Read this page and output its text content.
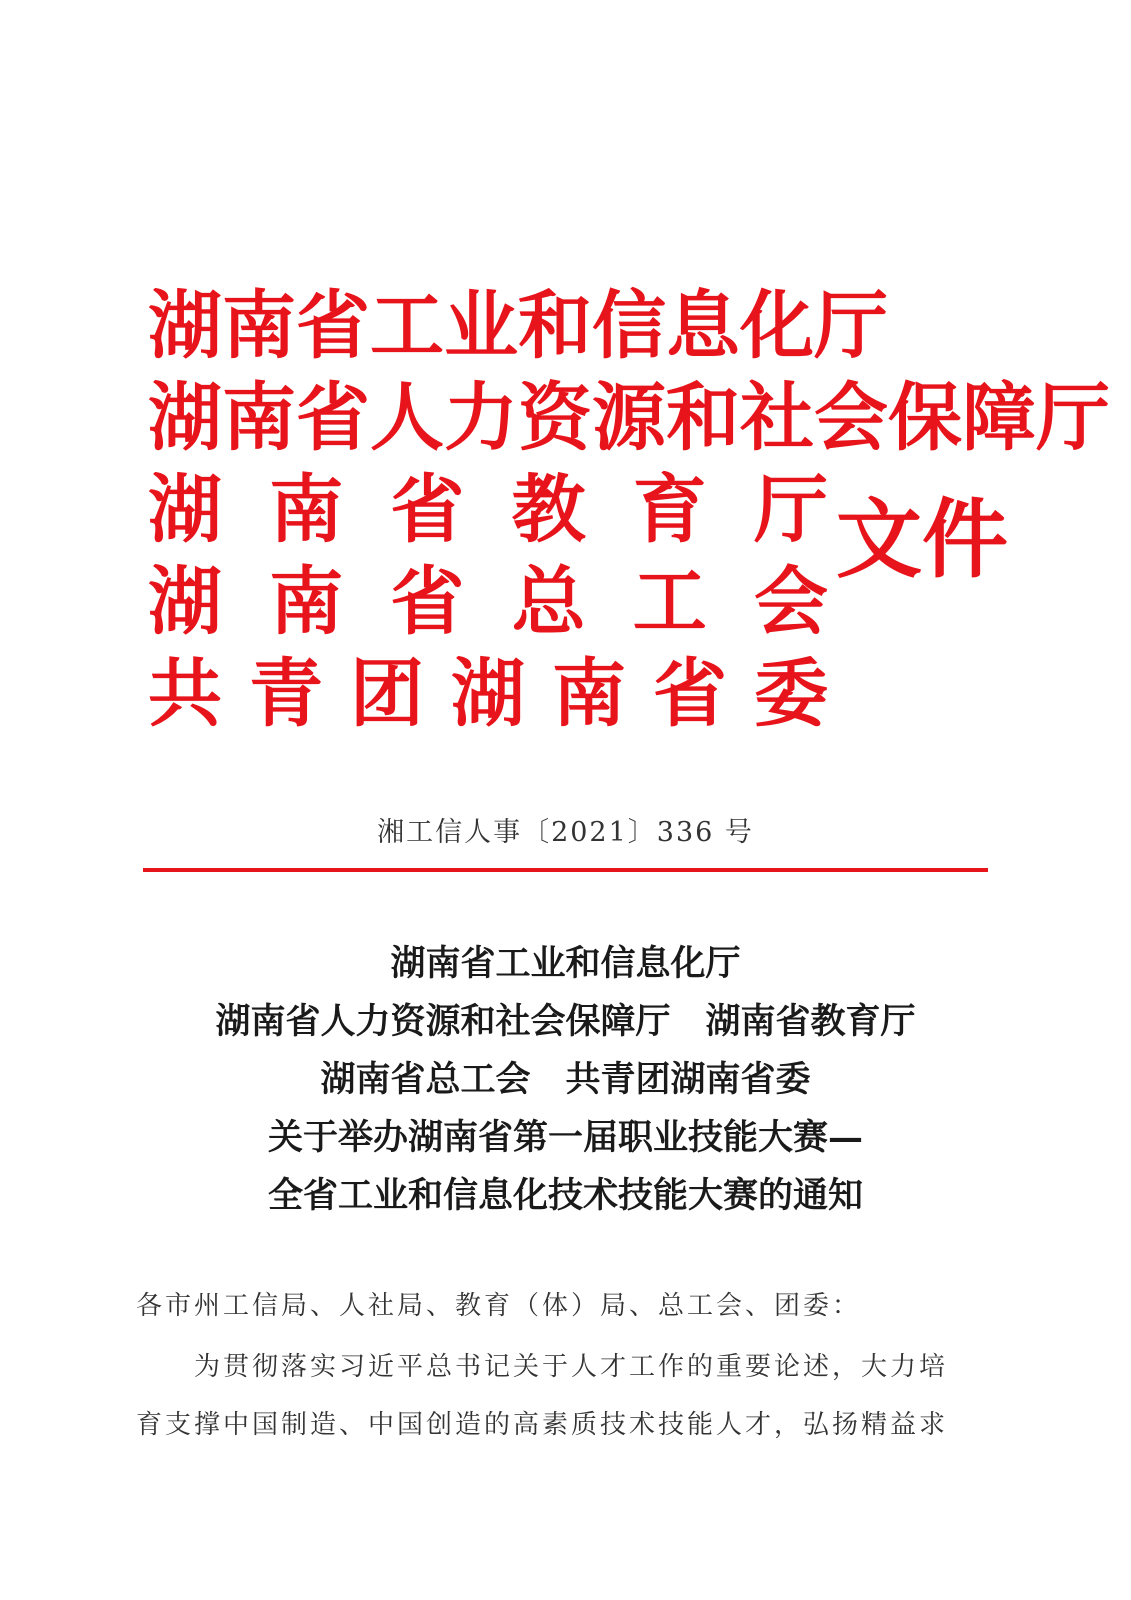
湖 南 省 工 业 和 信 息 化 厅
湖 南 省 人 力 资 源 和 社 会 保 障 厅
湖 南 省 教 育 厅
湖 南 省 总 工 会
共 青 团 湖 南 省 委
文件
湘工信人事〔2021〕336 号
湖南省工业和信息化厅
湖南省人力资源和社会保障厅　湖南省教育厅
湖南省总工会　共青团湖南省委
关于举办湖南省第一届职业技能大赛—
全省工业和信息化技术技能大赛的通知
各市州工信局、人社局、教育（体）局、总工会、团委：
为贯彻落实习近平总书记关于人才工作的重要论述，大力培
育支撑中国制造、中国创造的高素质技术技能人才，弘扬精益求
